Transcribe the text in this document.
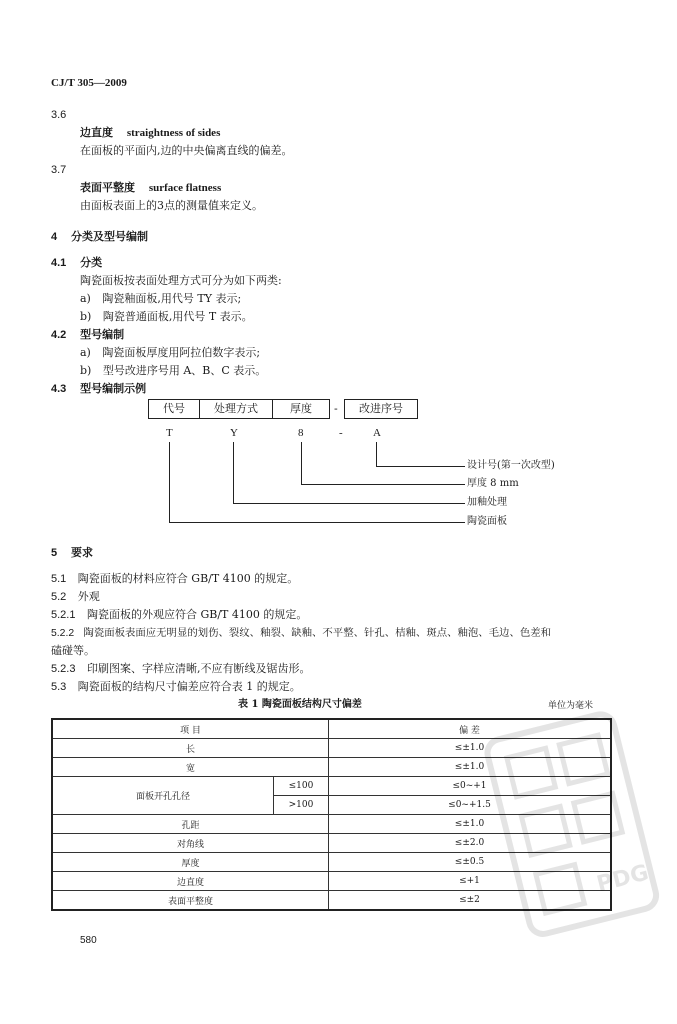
CJ/T 305—2009
3.6
边直度 straightness of sides
在面板的平面内,边的中央偏离直线的偏差。
3.7
表面平整度 surface flatness
由面板表面上的3点的测量值来定义。
4 分类及型号编制
4.1 分类
陶瓷面板按表面处理方式可分为如下两类:
a) 陶瓷釉面板,用代号 TY 表示;
b) 陶瓷普通面板,用代号 T 表示。
4.2 型号编制
a) 陶瓷面板厚度用阿拉伯数字表示;
b) 型号改进序号用 A、B、C 表示。
4.3 型号编制示例
代号	处理方式	厚度	-	改进序号
T	Y	8	-	A
设计号(第一次改型)
厚度 8 mm
加釉处理
陶瓷面板
5 要求
5.1 陶瓷面板的材料应符合 GB/T 4100 的规定。
5.2 外观
5.2.1 陶瓷面板的外观应符合 GB/T 4100 的规定。
5.2.2 陶瓷面板表面应无明显的划伤、裂纹、釉裂、缺釉、不平整、针孔、桔釉、斑点、釉泡、毛边、色差和
磕碰等。
5.2.3 印刷图案、字样应清晰,不应有断线及锯齿形。
5.3 陶瓷面板的结构尺寸偏差应符合表 1 的规定。
表 1 陶瓷面板结构尺寸偏差	单位为毫米
项 目		偏 差
长		≤±1.0
宽		≤±1.0
面板开孔孔径	≤100	≤0~+1
	>100	≤0~+1.5
孔距		≤±1.0
对角线		≤±2.0
厚度		≤±0.5
边直度		≤+1
表面平整度		≤±2
PDG
580
